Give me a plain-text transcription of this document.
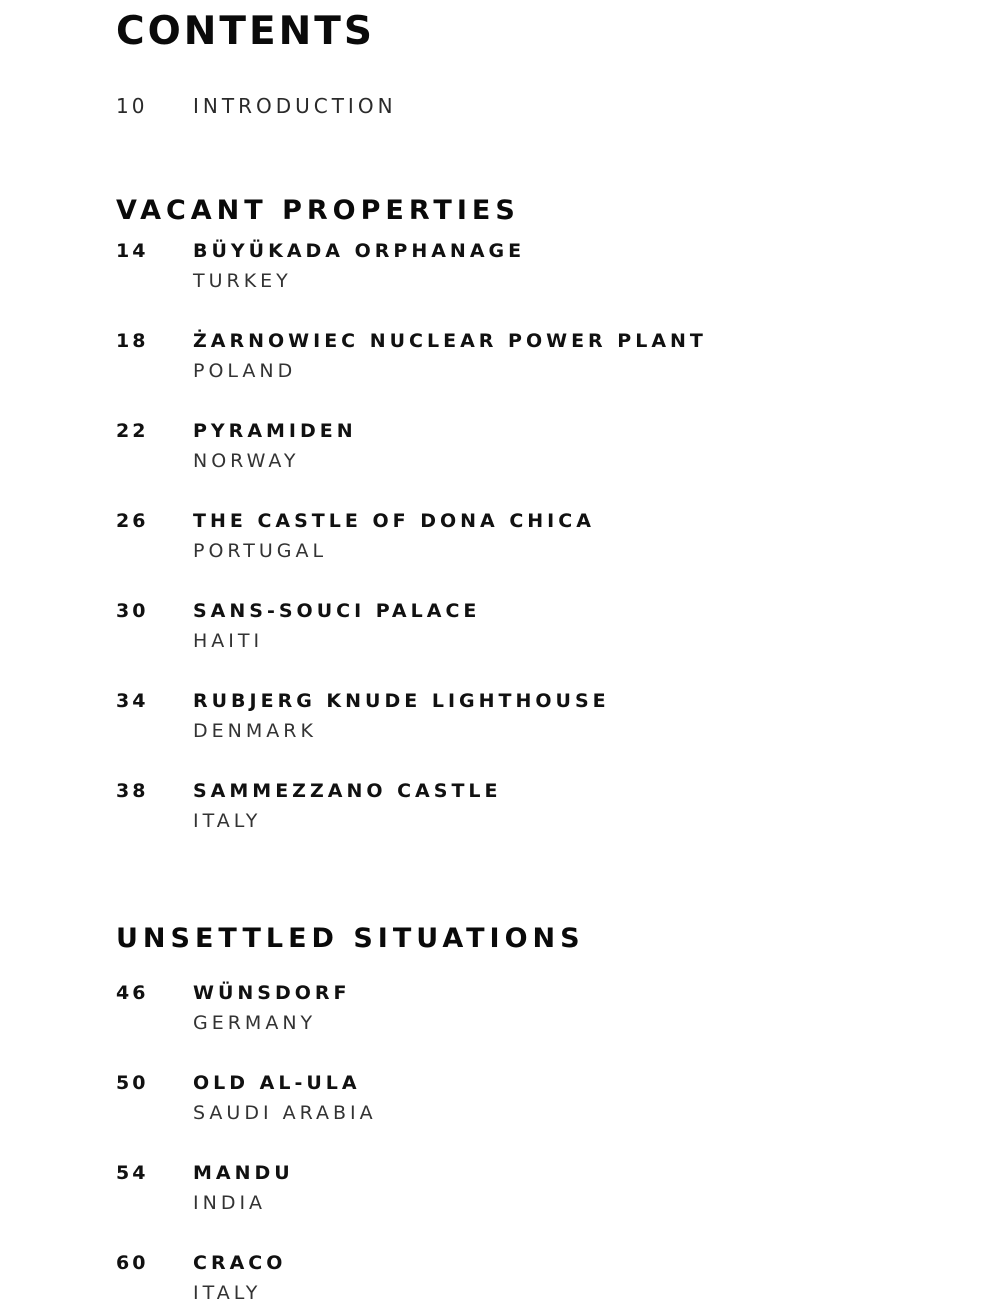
CONTENTS
10 INTRODUCTION
VACANT PROPERTIES
14 BÜYÜKADA ORPHANAGE
TURKEY
18 ŻARNOWIEC NUCLEAR POWER PLANT
POLAND
22 PYRAMIDEN
NORWAY
26 THE CASTLE OF DONA CHICA
PORTUGAL
30 SANS-SOUCI PALACE
HAITI
34 RUBJERG KNUDE LIGHTHOUSE
DENMARK
38 SAMMEZZANO CASTLE
ITALY
UNSETTLED SITUATIONS
46 WÜNSDORF
GERMANY
50 OLD AL-ULA
SAUDI ARABIA
54 MANDU
INDIA
60 CRACO
ITALY
